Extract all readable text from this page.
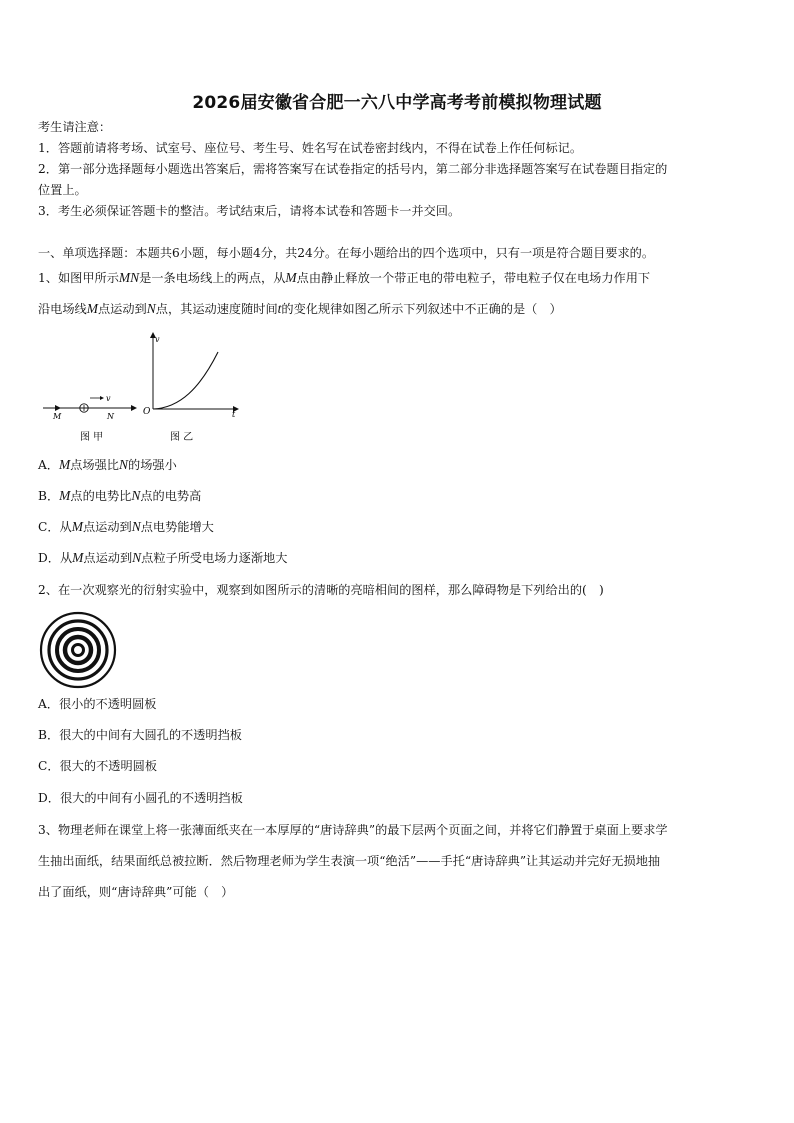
2026届安徽省合肥一六八中学高考考前模拟物理试题
考生请注意：
1．答题前请将考场、试室号、座位号、考生号、姓名写在试卷密封线内，不得在试卷上作任何标记。
2．第一部分选择题每小题选出答案后，需将答案写在试卷指定的括号内，第二部分非选择题答案写在试卷题目指定的
位置上。
3．考生必须保证答题卡的整洁。考试结束后，请将本试卷和答题卡一并交回。
一、单项选择题：本题共6小题，每小题4分，共24分。在每小题给出的四个选项中，只有一项是符合题目要求的。
1、如图甲所示MN是一条电场线上的两点，从M点由静止释放一个带正电的带电粒子，带电粒子仅在电场力作用下
沿电场线M点运动到N点，其运动速度随时间t的变化规律如图乙所示下列叙述中不正确的是（　）
v
M	N
图 甲
v
O	t
图 乙
A．M点场强比N的场强小
B．M点的电势比N点的电势高
C．从M点运动到N点电势能增大
D．从M点运动到N点粒子所受电场力逐渐地大
2、在一次观察光的衍射实验中，观察到如图所示的清晰的亮暗相间的图样，那么障碍物是下列给出的(　)
A．很小的不透明圆板
B．很大的中间有大圆孔的不透明挡板
C．很大的不透明圆板
D．很大的中间有小圆孔的不透明挡板
3、物理老师在课堂上将一张薄面纸夹在一本厚厚的“唐诗辞典”的最下层两个页面之间，并将它们静置于桌面上要求学
生抽出面纸，结果面纸总被拉断．然后物理老师为学生表演一项“绝活”——手托“唐诗辞典”让其运动并完好无损地抽
出了面纸，则“唐诗辞典”可能（　）
